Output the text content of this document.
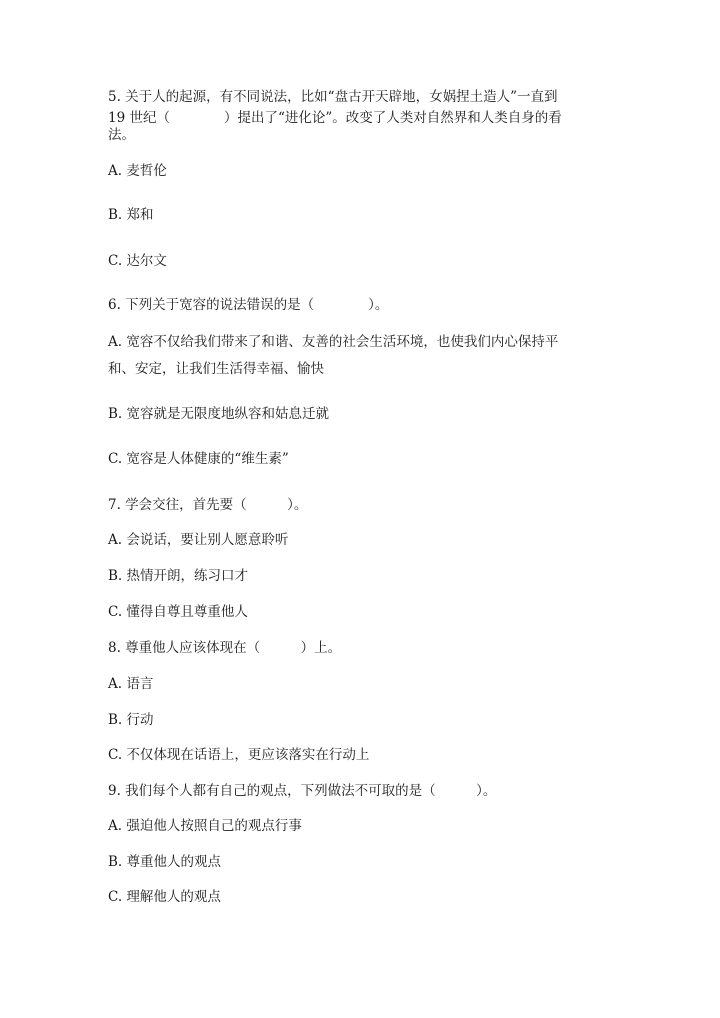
5. 关于人的起源，有不同说法，比如“盘古开天辟地，女娲捏土造人”一直到
19 世纪（　　　　）提出了“进化论”。改变了人类对自然界和人类自身的看
法。
A. 麦哲伦
B. 郑和
C. 达尔文
6. 下列关于宽容的说法错误的是（　　　　）。
A. 宽容不仅给我们带来了和谐、友善的社会生活环境，也使我们内心保持平
和、安定，让我们生活得幸福、愉快
B. 宽容就是无限度地纵容和姑息迁就
C. 宽容是人体健康的“维生素”
7. 学会交往，首先要（　　　）。
A. 会说话，要让别人愿意聆听
B. 热情开朗，练习口才
C. 懂得自尊且尊重他人
8. 尊重他人应该体现在（　　　）上。
A. 语言
B. 行动
C. 不仅体现在话语上，更应该落实在行动上
9. 我们每个人都有自己的观点，下列做法不可取的是（　　　）。
A. 强迫他人按照自己的观点行事
B. 尊重他人的观点
C. 理解他人的观点
